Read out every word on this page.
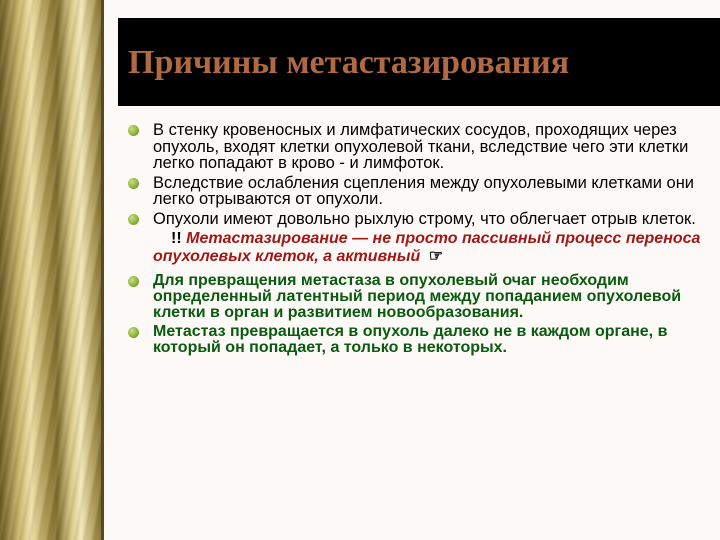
Причины метастазирования
В стенку кровеносных и лимфатических сосудов, проходящих через опухоль, входят клетки опухолевой ткани, вследствие чего эти клетки легко попадают в крово - и лимфоток.
Вследствие ослабления сцепления между опухолевыми клетками они легко отрываются от опухоли.
Опухоли имеют довольно рыхлую строму, что облегчает отрыв клеток.
!! Метастазирование — не просто пассивный процесс переноса опухолевых клеток, а активный ☞
Для превращения метастаза в опухолевый очаг необходим определенный латентный период между попаданием опухолевой клетки в орган и развитием новообразования.
Метастаз превращается в опухоль далеко не в каждом органе, в который он попадает, а только в некоторых.
